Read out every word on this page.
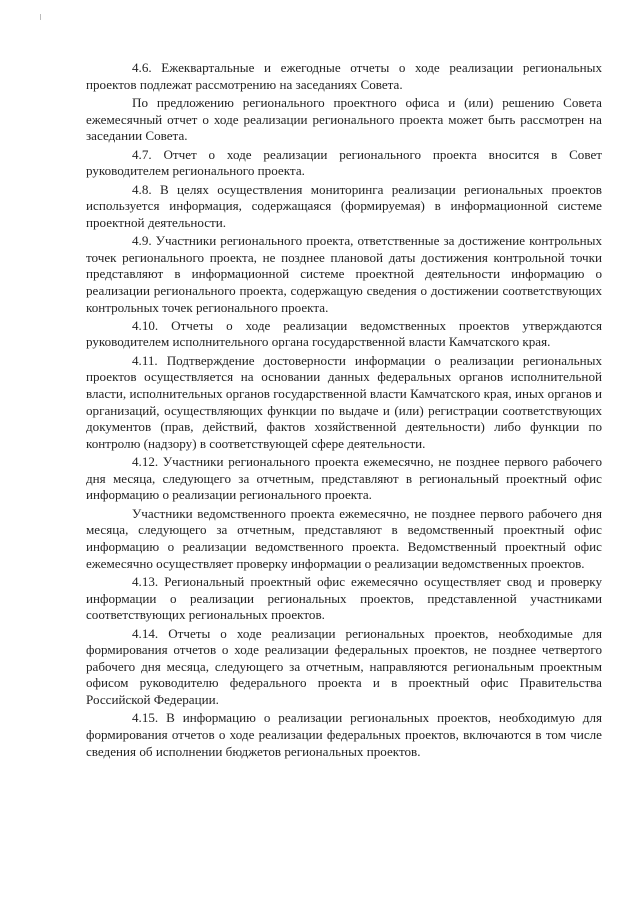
4.6. Ежеквартальные и ежегодные отчеты о ходе реализации региональных проектов подлежат рассмотрению на заседаниях Совета.

По предложению регионального проектного офиса и (или) решению Совета ежемесячный отчет о ходе реализации регионального проекта может быть рассмотрен на заседании Совета.

4.7. Отчет о ходе реализации регионального проекта вносится в Совет руководителем регионального проекта.

4.8. В целях осуществления мониторинга реализации региональных проектов используется информация, содержащаяся (формируемая) в информационной системе проектной деятельности.

4.9. Участники регионального проекта, ответственные за достижение контрольных точек регионального проекта, не позднее плановой даты достижения контрольной точки представляют в информационной системе проектной деятельности информацию о реализации регионального проекта, содержащую сведения о достижении соответствующих контрольных точек регионального проекта.

4.10. Отчеты о ходе реализации ведомственных проектов утверждаются руководителем исполнительного органа государственной власти Камчатского края.

4.11. Подтверждение достоверности информации о реализации региональных проектов осуществляется на основании данных федеральных органов исполнительной власти, исполнительных органов государственной власти Камчатского края, иных органов и организаций, осуществляющих функции по выдаче и (или) регистрации соответствующих документов (прав, действий, фактов хозяйственной деятельности) либо функции по контролю (надзору) в соответствующей сфере деятельности.

4.12. Участники регионального проекта ежемесячно, не позднее первого рабочего дня месяца, следующего за отчетным, представляют в региональный проектный офис информацию о реализации регионального проекта.

Участники ведомственного проекта ежемесячно, не позднее первого рабочего дня месяца, следующего за отчетным, представляют в ведомственный проектный офис информацию о реализации ведомственного проекта. Ведомственный проектный офис ежемесячно осуществляет проверку информации о реализации ведомственных проектов.

4.13. Региональный проектный офис ежемесячно осуществляет свод и проверку информации о реализации региональных проектов, представленной участниками соответствующих региональных проектов.

4.14. Отчеты о ходе реализации региональных проектов, необходимые для формирования отчетов о ходе реализации федеральных проектов, не позднее четвертого рабочего дня месяца, следующего за отчетным, направляются региональным проектным офисом руководителю федерального проекта и в проектный офис Правительства Российской Федерации.

4.15. В информацию о реализации региональных проектов, необходимую для формирования отчетов о ходе реализации федеральных проектов, включаются в том числе сведения об исполнении бюджетов региональных проектов.
